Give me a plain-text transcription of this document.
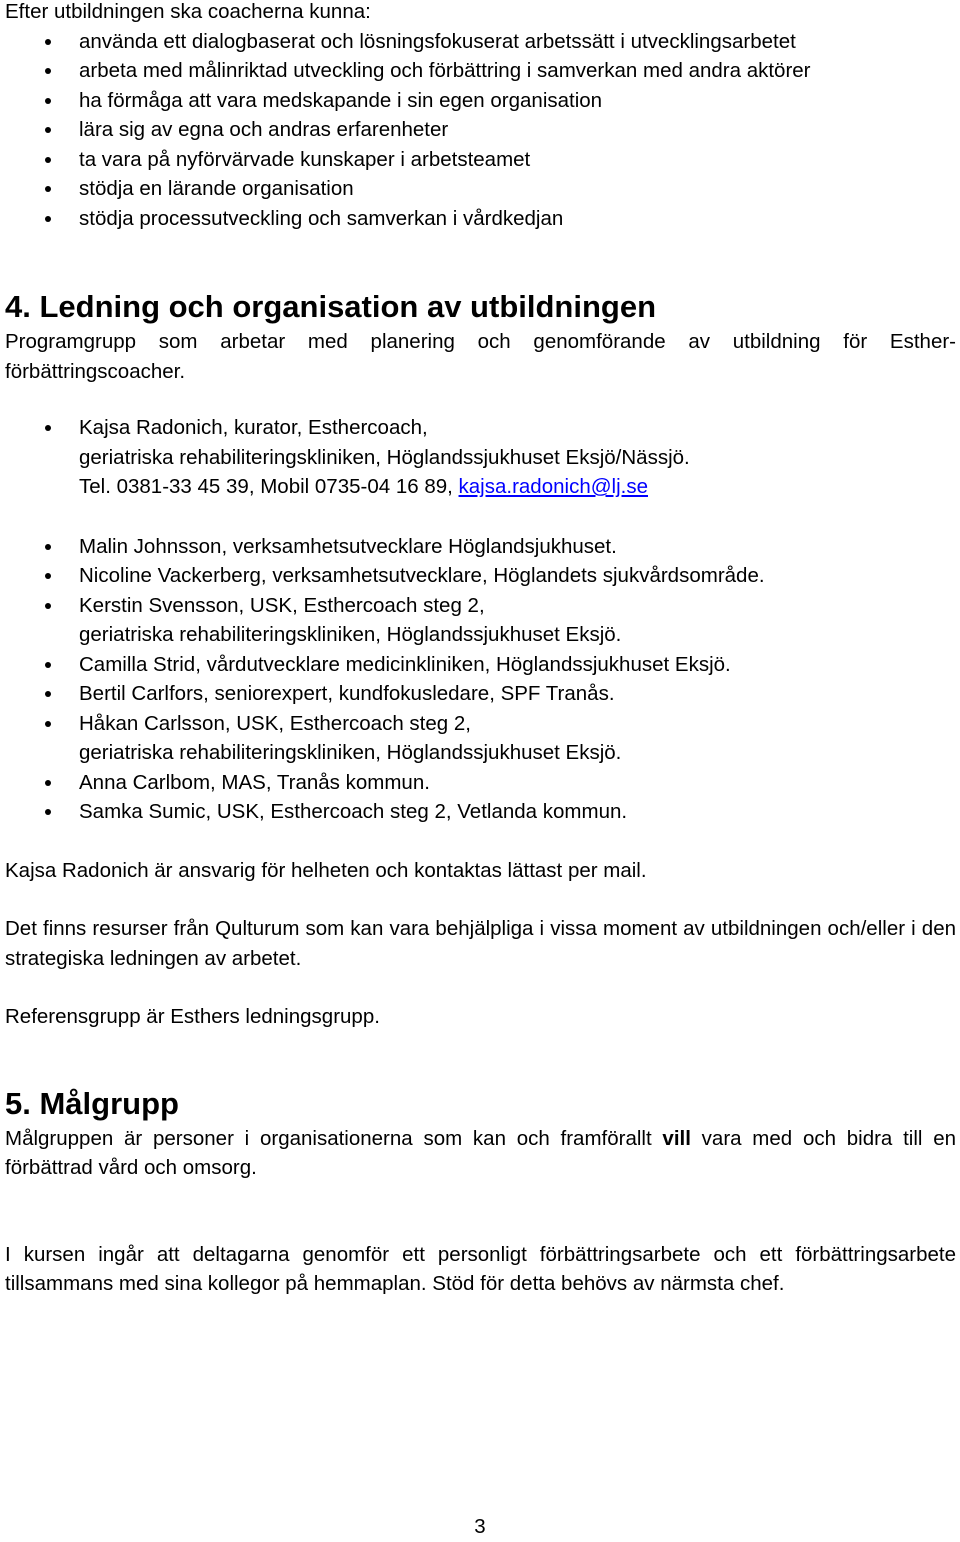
Efter utbildningen ska coacherna kunna:

använda ett dialogbaserat och lösningsfokuserat arbetssätt i utvecklingsarbetet
arbeta med målinriktad utveckling och förbättring i samverkan med andra aktörer
ha förmåga att vara medskapande i sin egen organisation
lära sig av egna och andras erfarenheter
ta vara på nyförvärvade kunskaper i arbetsteamet
stödja en lärande organisation
stödja processutveckling och samverkan i vårdkedjan
4. Ledning och organisation av utbildningen

Programgrupp som arbetar med planering och genomförande av utbildning för Esther-förbättringscoacher.

Kajsa Radonich, kurator, Esthercoach,
geriatriska rehabiliteringskliniken, Höglandssjukhuset Eksjö/Nässjö.
Tel. 0381-33 45 39, Mobil 0735-04 16 89, kajsa.radonich@lj.se
Malin Johnsson, verksamhetsutvecklare Höglandsjukhuset.
Nicoline Vackerberg, verksamhetsutvecklare, Höglandets sjukvårdsområde.
Kerstin Svensson, USK, Esthercoach steg 2,
geriatriska rehabiliteringskliniken, Höglandssjukhuset Eksjö.
Camilla Strid, vårdutvecklare medicinkliniken, Höglandssjukhuset Eksjö.
Bertil Carlfors, seniorexpert, kundfokusledare, SPF Tranås.
Håkan Carlsson, USK, Esthercoach steg 2,
geriatriska rehabiliteringskliniken, Höglandssjukhuset Eksjö.
Anna Carlbom, MAS, Tranås kommun.
Samka Sumic, USK, Esthercoach steg 2, Vetlanda kommun.

Kajsa Radonich är ansvarig för helheten och kontaktas lättast per mail.

Det finns resurser från Qulturum som kan vara behjälpliga i vissa moment av utbildningen och/eller i den strategiska ledningen av arbetet.

Referensgrupp är Esthers ledningsgrupp.

5. Målgrupp

Målgruppen är personer i organisationerna som kan och framförallt vill vara med och bidra till en förbättrad vård och omsorg.

I kursen ingår att deltagarna genomför ett personligt förbättringsarbete och ett förbättringsarbete tillsammans med sina kollegor på hemmaplan. Stöd för detta behövs av närmsta chef.

3
